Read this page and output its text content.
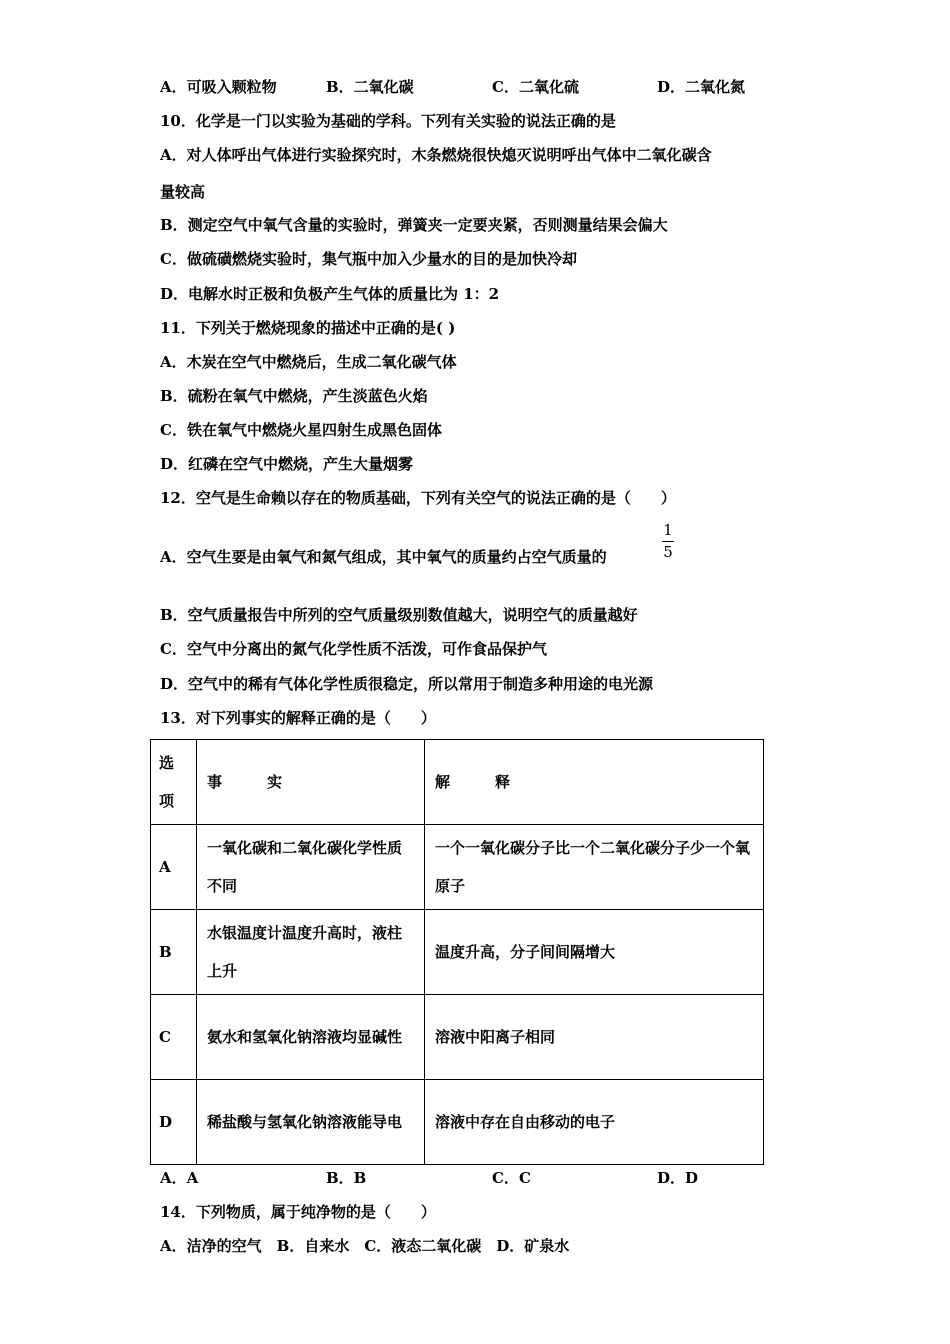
A．可吸入颗粒物	B．二氧化碳	C．二氧化硫	D．二氧化氮
10．化学是一门以实验为基础的学科。下列有关实验的说法正确的是
A．对人体呼出气体进行实验探究时，木条燃烧很快熄灭说明呼出气体中二氧化碳含
量较高
B．测定空气中氧气含量的实验时，弹簧夹一定要夹紧，否则测量结果会偏大
C．做硫磺燃烧实验时，集气瓶中加入少量水的目的是加快冷却
D．电解水时正极和负极产生气体的质量比为 1：2
11．下列关于燃烧现象的描述中正确的是( )
A．木炭在空气中燃烧后，生成二氧化碳气体
B．硫粉在氧气中燃烧，产生淡蓝色火焰
C．铁在氧气中燃烧火星四射生成黑色固体
D．红磷在空气中燃烧，产生大量烟雾
12．空气是生命赖以存在的物质基础，下列有关空气的说法正确的是（　　）
A．空气生要是由氧气和氮气组成，其中氧气的质量约占空气质量的
1
5
B．空气质量报告中所列的空气质量级别数值越大，说明空气的质量越好
C．空气中分离出的氮气化学性质不活泼，可作食品保护气
D．空气中的稀有气体化学性质很稳定，所以常用于制造多种用途的电光源
13．对下列事实的解释正确的是（　　）
选项	事　　　实	解　　　释
A	一氧化碳和二氧化碳化学性质不同	一个一氧化碳分子比一个二氧化碳分子少一个氧原子
B	水银温度计温度升高时，液柱上升	温度升高，分子间间隔增大
C	氨水和氢氧化钠溶液均显碱性	溶液中阳离子相同
D	稀盐酸与氢氧化钠溶液能导电	溶液中存在自由移动的电子
A．A	B．B	C．C	D．D
14．下列物质，属于纯净物的是（　　）
A．洁净的空气　B．自来水　C．液态二氧化碳　D．矿泉水
